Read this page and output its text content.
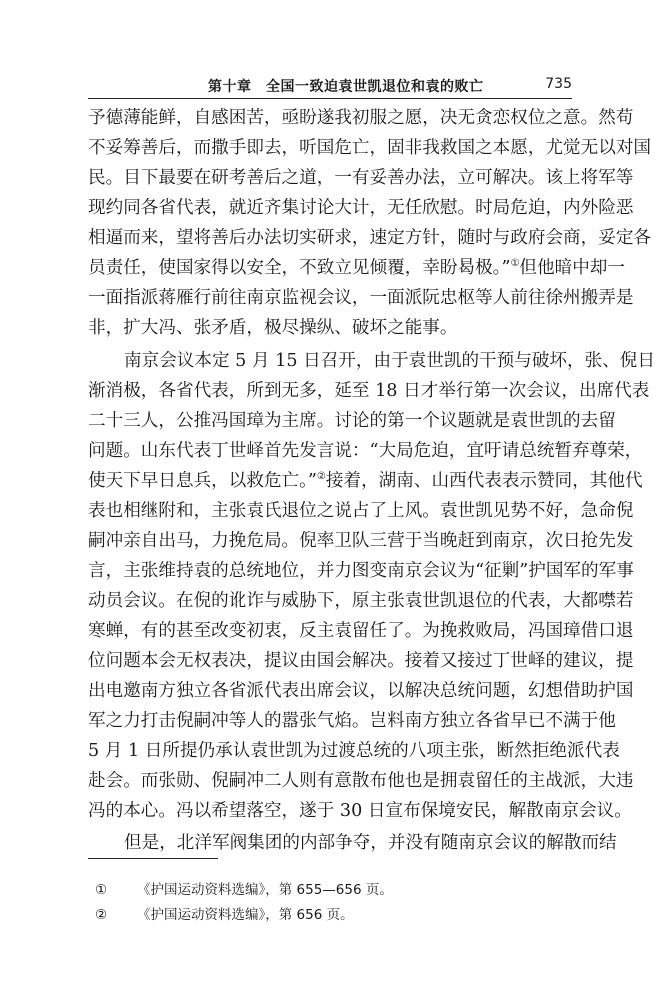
第十章　全国一致迫袁世凯退位和袁的败亡	735
予德薄能鲜，自感困苦，亟盼遂我初服之愿，决无贪恋权位之意。然苟
不妥筹善后，而撒手即去，听国危亡，固非我救国之本愿，尤觉无以对国
民。目下最要在研考善后之道，一有妥善办法，立可解决。该上将军等
现约同各省代表，就近齐集讨论大计，无任欣慰。时局危迫，内外险恶
相逼而来，望将善后办法切实研求，速定方针，随时与政府会商，妥定各
员责任，使国家得以安全，不致立见倾覆，幸盼曷极。”①但他暗中却一
一面指派蒋雁行前往南京监视会议，一面派阮忠枢等人前往徐州搬弄是
非，扩大冯、张矛盾，极尽操纵、破坏之能事。
南京会议本定 5 月 15 日召开，由于袁世凯的干预与破坏，张、倪日
渐消极，各省代表，所到无多，延至 18 日才举行第一次会议，出席代表
二十三人，公推冯国璋为主席。讨论的第一个议题就是袁世凯的去留
问题。山东代表丁世峄首先发言说：“大局危迫，宜吁请总统暂弃尊荣，
使天下早日息兵，以救危亡。”②接着，湖南、山西代表表示赞同，其他代
表也相继附和，主张袁氏退位之说占了上风。袁世凯见势不好，急命倪
嗣冲亲自出马，力挽危局。倪率卫队三营于当晚赶到南京，次日抢先发
言，主张维持袁的总统地位，并力图变南京会议为“征剿”护国军的军事
动员会议。在倪的讹诈与威胁下，原主张袁世凯退位的代表，大都噤若
寒蝉，有的甚至改变初衷，反主袁留任了。为挽救败局，冯国璋借口退
位问题本会无权表决，提议由国会解决。接着又接过丁世峄的建议，提
出电邀南方独立各省派代表出席会议，以解决总统问题，幻想借助护国
军之力打击倪嗣冲等人的嚣张气焰。岂料南方独立各省早已不满于他
5 月 1 日所提仍承认袁世凯为过渡总统的八项主张，断然拒绝派代表
赴会。而张勋、倪嗣冲二人则有意散布他也是拥袁留任的主战派，大违
冯的本心。冯以希望落空，遂于 30 日宣布保境安民，解散南京会议。
但是，北洋军阀集团的内部争夺，并没有随南京会议的解散而结
① 《护国运动资料选编》，第 655—656 页。
② 《护国运动资料选编》，第 656 页。
